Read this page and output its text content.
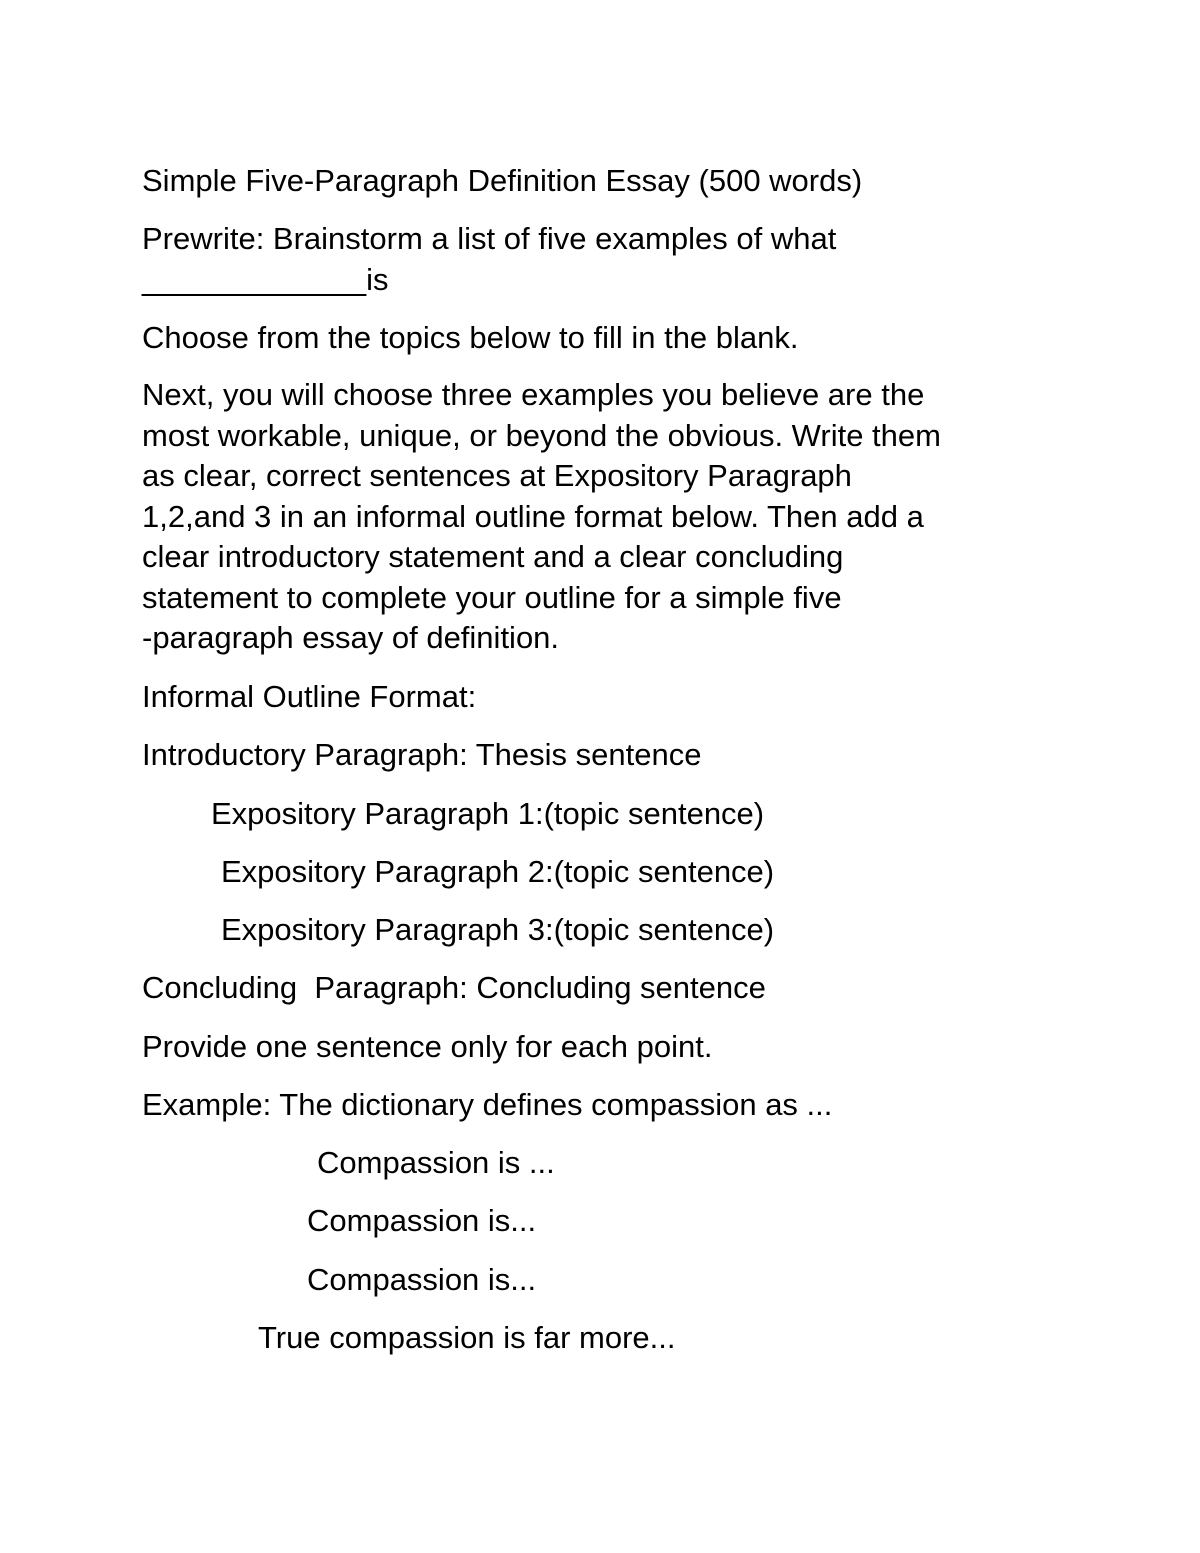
Simple Five-Paragraph Definition Essay (500 words)

Prewrite: Brainstorm a list of five examples of what

_____________is

Choose from the topics below to fill in the blank.

Next, you will choose three examples you believe are the
most workable, unique, or beyond the obvious. Write them
as clear, correct sentences at Expository Paragraph
1,2,and 3 in an informal outline format below. Then add a
clear introductory statement and a clear concluding
statement to complete your outline for a simple five
-paragraph essay of definition.

Informal Outline Format:

Introductory Paragraph: Thesis sentence

Expository Paragraph 1:(topic sentence)

Expository Paragraph 2:(topic sentence)

Expository Paragraph 3:(topic sentence)

Concluding  Paragraph: Concluding sentence

Provide one sentence only for each point.

Example: The dictionary defines compassion as ...

Compassion is ...

Compassion is...

Compassion is...

True compassion is far more...
